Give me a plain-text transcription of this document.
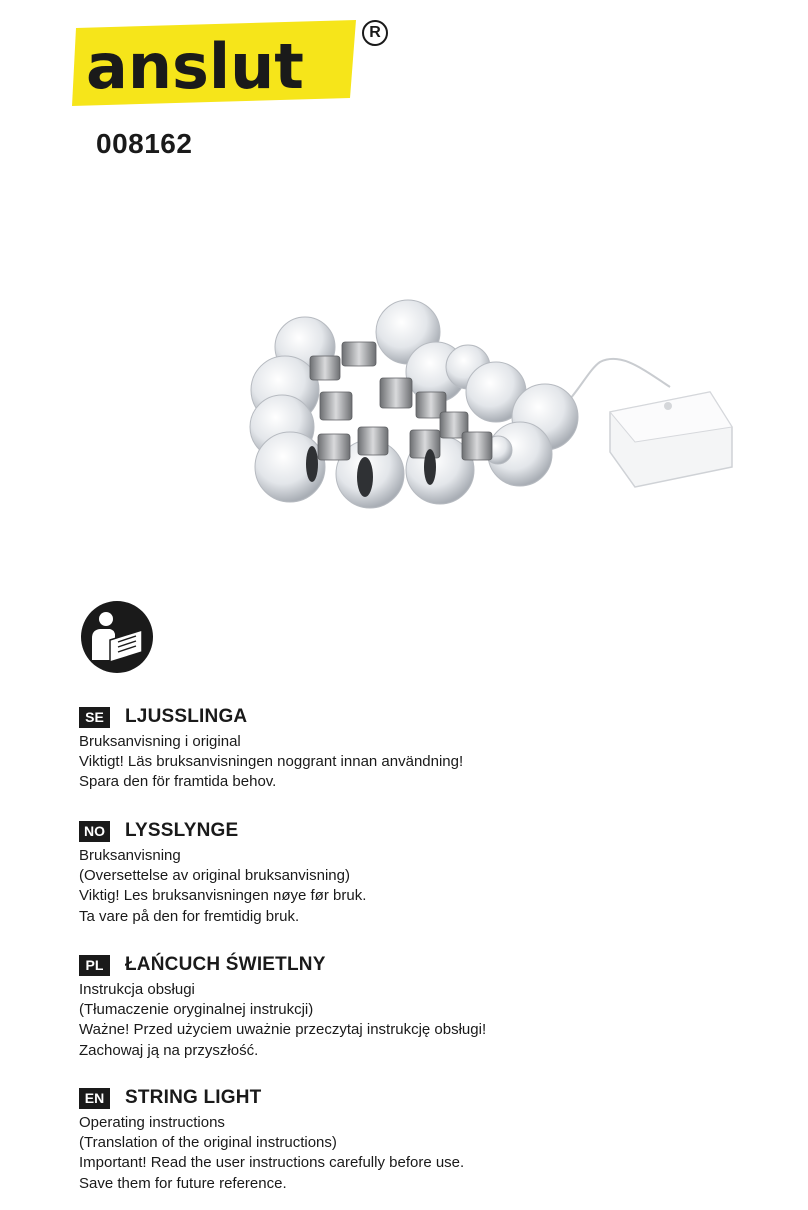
anslut	R
008162
SE	LJUSSLINGA
Bruksanvisning i original
Viktigt! Läs bruksanvisningen noggrant innan användning!
Spara den för framtida behov.
NO LYSSLYNGE
Bruksanvisning
(Oversettelse av original bruksanvisning)
Viktig! Les bruksanvisningen nøye før bruk.
Ta vare på den for fremtidig bruk.
PL	ŁAŃCUCH ŚWIETLNY
Instrukcja obsługi
(Tłumaczenie oryginalnej instrukcji)
Ważne! Przed użyciem uważnie przeczytaj instrukcję obsługi!
Zachowaj ją na przyszłość.
EN	STRING LIGHT
Operating instructions
(Translation of the original instructions)
Important! Read the user instructions carefully before use.
Save them for future reference.
